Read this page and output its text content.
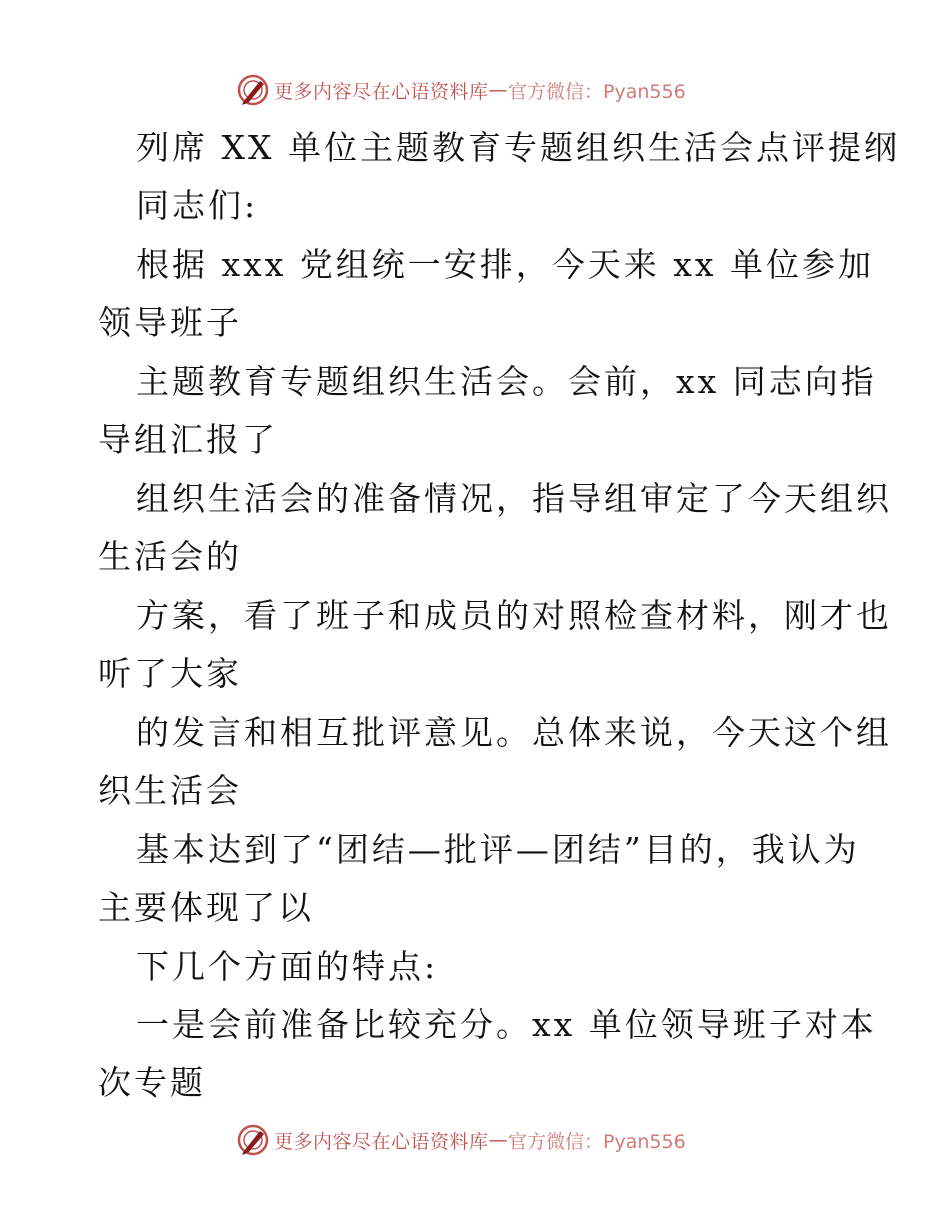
更多内容尽在心语资料库 — 官方微信：Pyan556
列席 XX 单位主题教育专题组织生活会点评提纲
同志们:
根据 xxx 党组统一安排，今天来 xx 单位参加
领导班子
主题教育专题组织生活会。会前，xx 同志向指
导组汇报了
组织生活会的准备情况，指导组审定了今天组织
生活会的
方案，看了班子和成员的对照检查材料，刚才也
听了大家
的发言和相互批评意见。总体来说，今天这个组
织生活会
基本达到了“团结—批评—团结”目的，我认为
主要体现了以
下几个方面的特点:
一是会前准备比较充分。xx 单位领导班子对本
次专题
更多内容尽在心语资料库 — 官方微信：Pyan556
